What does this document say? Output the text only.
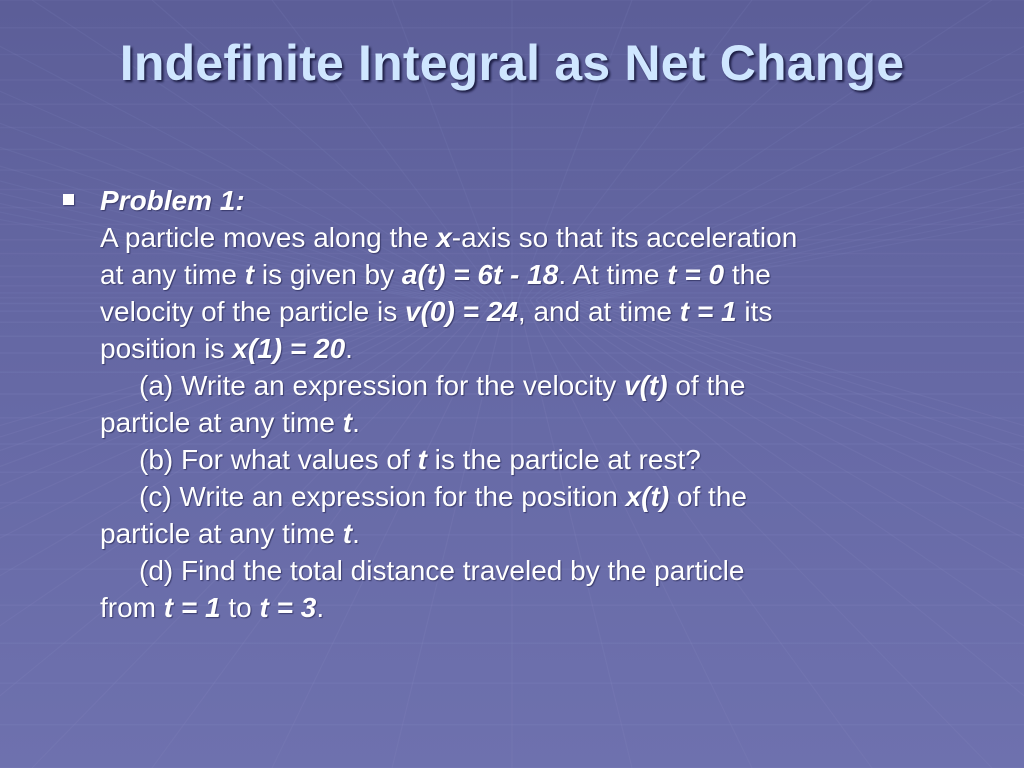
Indefinite Integral as Net Change
Problem 1:
A particle moves along the x-axis so that its acceleration
at any time t is given by a(t) = 6t - 18. At time t = 0 the
velocity of the particle is v(0) = 24, and at time t = 1 its
position is x(1) = 20.
(a) Write an expression for the velocity v(t) of the
particle at any time t.
(b) For what values of t is the particle at rest?
(c) Write an expression for the position x(t) of the
particle at any time t.
(d) Find the total distance traveled by the particle
from t = 1 to t = 3.
